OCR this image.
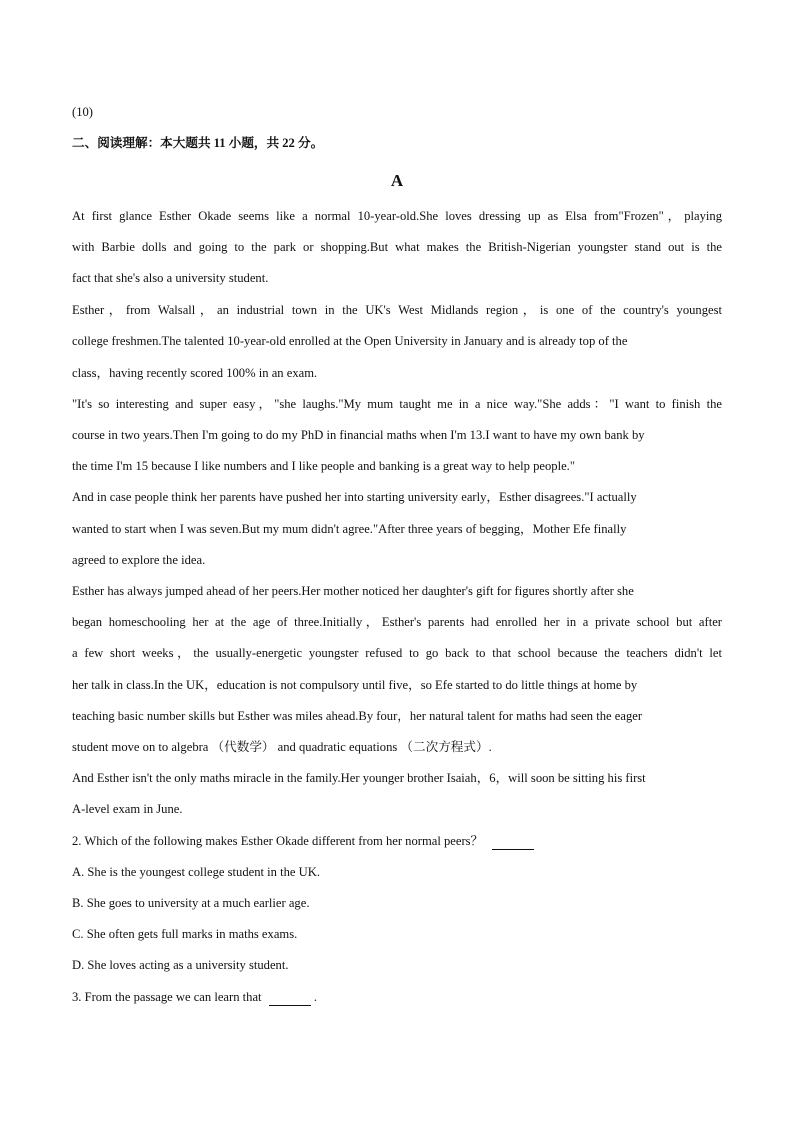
(10)
二、阅读理解：本大题共 11 小题，共 22 分。
A
At first glance Esther Okade seems like a normal 10-year-old.She loves dressing up as Elsa from"Frozen"，playing
with Barbie dolls and going to the park or shopping.But what makes the British-Nigerian youngster stand out is the
fact that she's also a university student.
Esther，from Walsall，an industrial town in the UK's West Midlands region，is one of the country's youngest
college freshmen.The talented 10-year-old enrolled at the Open University in January and is already top of the
class，having recently scored 100% in an exam.
"It's so interesting and super easy，"she laughs."My mum taught me in a nice way."She adds："I want to finish the
course in two years.Then I'm going to do my PhD in financial maths when I'm 13.I want to have my own bank by
the time I'm 15 because I like numbers and I like people and banking is a great way to help people."
And in case people think her parents have pushed her into starting university early，Esther disagrees."I actually
wanted to start when I was seven.But my mum didn't agree."After three years of begging，Mother Efe finally
agreed to explore the idea.
Esther has always jumped ahead of her peers.Her mother noticed her daughter's gift for figures shortly after she
began homeschooling her at the age of three.Initially，Esther's parents had enrolled her in a private school but after
a few short weeks，the usually-energetic youngster refused to go back to that school because the teachers didn't let
her talk in class.In the UK，education is not compulsory until five，so Efe started to do little things at home by
teaching basic number skills but Esther was miles ahead.By four，her natural talent for maths had seen the eager
student move on to algebra （代数学） and quadratic equations （二次方程式）.
And Esther isn't the only maths miracle in the family.Her younger brother Isaiah，6，will soon be sitting his first
A-level exam in June.
2. Which of the following makes Esther Okade different from her normal peers？
A. She is the youngest college student in the UK.
B. She goes to university at a much earlier age.
C. She often gets full marks in maths exams.
D. She loves acting as a university student.
3. From the passage we can learn that	.
